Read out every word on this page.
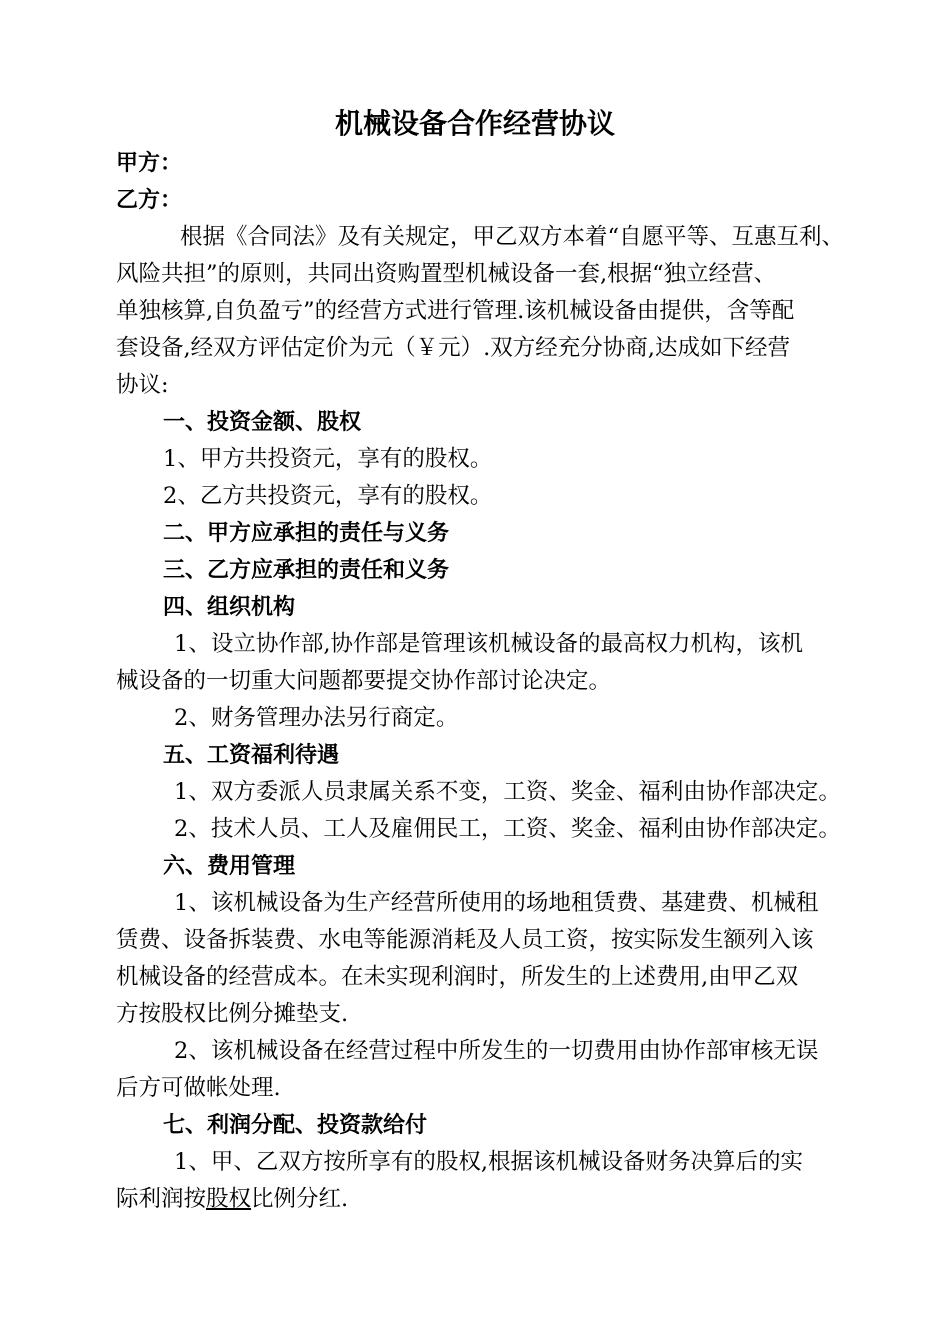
机械设备合作经营协议
甲方：
乙方：
根据《合同法》及有关规定，甲乙双方本着“自愿平等、互惠互利、
风险共担”的原则，共同出资购置型机械设备一套,根据“独立经营、
单独核算,自负盈亏”的经营方式进行管理.该机械设备由提供，含等配
套设备,经双方评估定价为元（￥元）.双方经充分协商,达成如下经营
协议:
一、投资金额、股权
1、甲方共投资元，享有的股权。
2、乙方共投资元，享有的股权。
二、甲方应承担的责任与义务
三、乙方应承担的责任和义务
四、组织机构
1、设立协作部,协作部是管理该机械设备的最高权力机构，该机
械设备的一切重大问题都要提交协作部讨论决定。
2、财务管理办法另行商定。
五、工资福利待遇
1、双方委派人员隶属关系不变，工资、奖金、福利由协作部决定。
2、技术人员、工人及雇佣民工，工资、奖金、福利由协作部决定。
六、费用管理
1、该机械设备为生产经营所使用的场地租赁费、基建费、机械租
赁费、设备拆装费、水电等能源消耗及人员工资，按实际发生额列入该
机械设备的经营成本。在未实现利润时，所发生的上述费用,由甲乙双
方按股权比例分摊垫支.
2、该机械设备在经营过程中所发生的一切费用由协作部审核无误
后方可做帐处理.
七、利润分配、投资款给付
1、甲、乙双方按所享有的股权,根据该机械设备财务决算后的实
际利润按股权比例分红.
